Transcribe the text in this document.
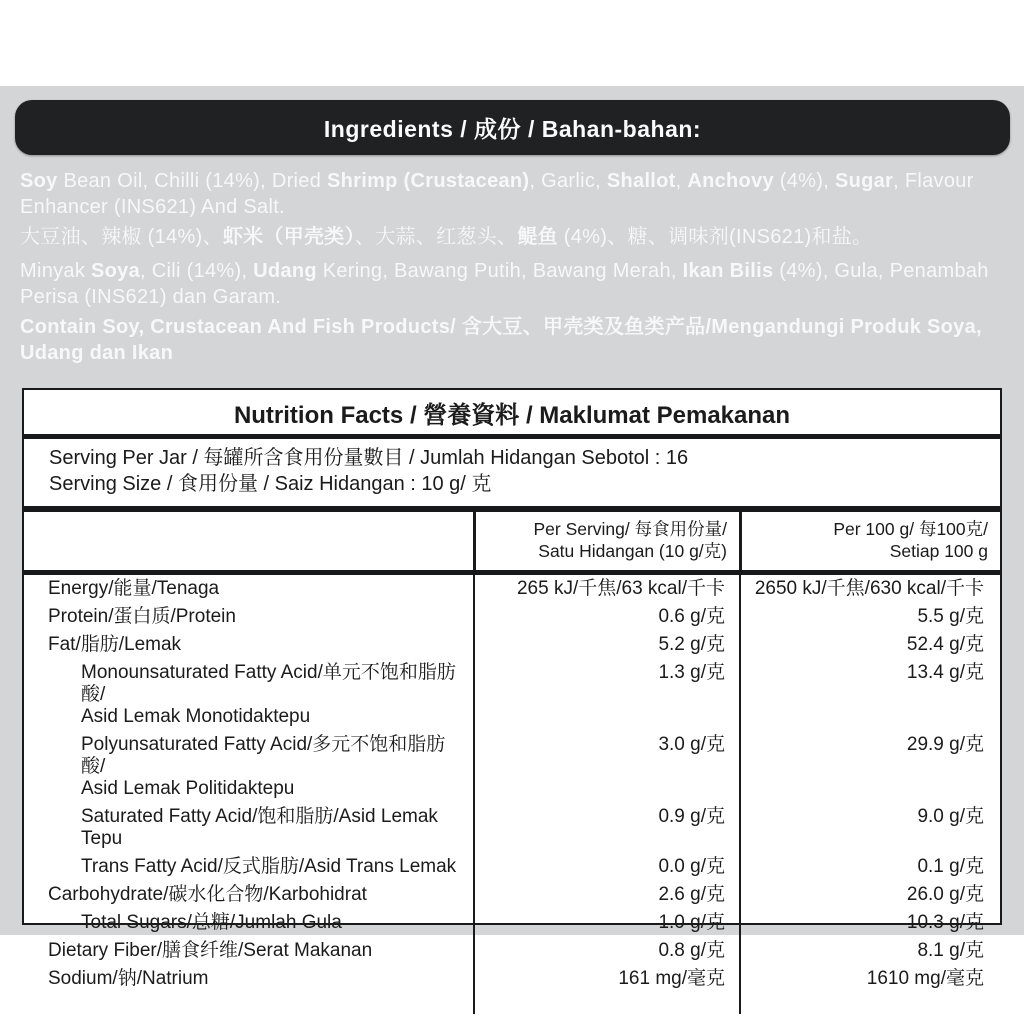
Ingredients / 成份 / Bahan-bahan:

Soy Bean Oil, Chilli (14%), Dried Shrimp (Crustacean), Garlic, Shallot, Anchovy (4%), Sugar, Flavour Enhancer (INS621) And Salt.

大豆油、辣椒 (14%)、虾米（甲壳类）、大蒜、红葱头、鳀鱼 (4%)、糖、调味剂(INS621)和盐。

Minyak Soya, Cili (14%), Udang Kering, Bawang Putih, Bawang Merah, Ikan Bilis (4%), Gula, Penambah Perisa (INS621) dan Garam.

Contain Soy, Crustacean And Fish Products/ 含大豆、甲壳类及鱼类产品/Mengandungi Produk Soya, Udang dan Ikan

Nutrition Facts / 營養資料 / Maklumat Pemakanan
Serving Per Jar / 每罐所含食用份量數目 / Jumlah Hidangan Sebotol : 16
Serving Size / 食用份量 / Saiz Hidangan : 10 g/ 克
Per Serving/ 每食用份量/
Satu Hidangan (10 g/克)
Per 100 g/ 每100克/
Setiap 100 g
Energy/能量/Tenaga	265 kJ/千焦/63 kcal/千卡	2650 kJ/千焦/630 kcal/千卡
Protein/蛋白质/Protein	0.6 g/克	5.5 g/克
Fat/脂肪/Lemak	5.2 g/克	52.4 g/克
Monounsaturated Fatty Acid/单元不饱和脂肪酸/
Asid Lemak Monotidaktepu
1.3 g/克	13.4 g/克
Polyunsaturated Fatty Acid/多元不饱和脂肪酸/
Asid Lemak Politidaktepu
3.0 g/克	29.9 g/克
Saturated Fatty Acid/饱和脂肪/Asid Lemak Tepu
0.9 g/克	9.0 g/克
Trans Fatty Acid/反式脂肪/Asid Trans Lemak	0.0 g/克	0.1 g/克
Carbohydrate/碳水化合物/Karbohidrat	2.6 g/克	26.0 g/克
Total Sugars/总糖/Jumlah Gula	1.0 g/克	10.3 g/克
Dietary Fiber/膳食纤维/Serat Makanan	0.8 g/克	8.1 g/克
Sodium/钠/Natrium	161 mg/毫克	1610 mg/毫克
